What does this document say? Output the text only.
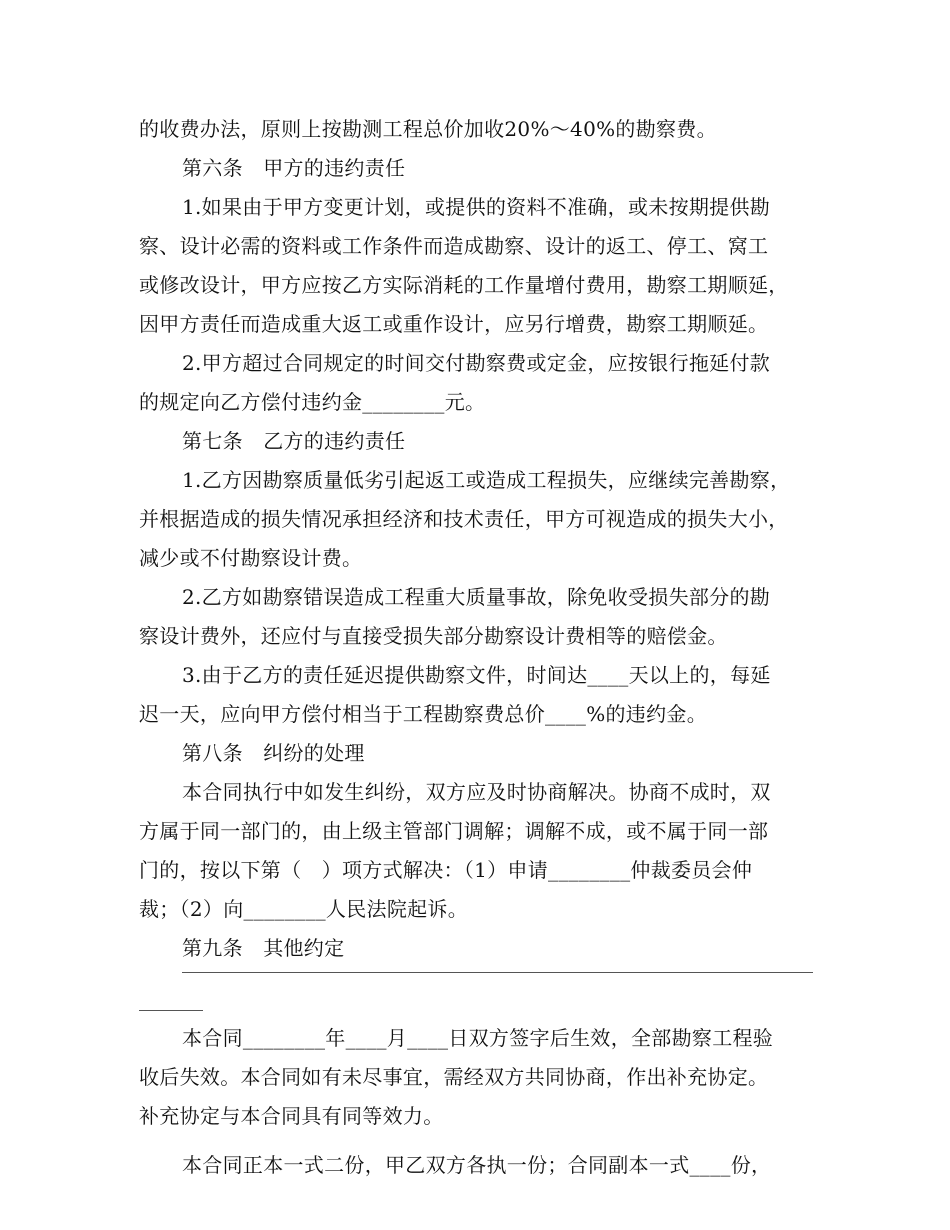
的收费办法，原则上按勘测工程总价加收20%～40%的勘察费。
第六条　甲方的违约责任
1.如果由于甲方变更计划，或提供的资料不准确，或未按期提供勘
察、设计必需的资料或工作条件而造成勘察、设计的返工、停工、窝工
或修改设计，甲方应按乙方实际消耗的工作量增付费用，勘察工期顺延，
因甲方责任而造成重大返工或重作设计，应另行增费，勘察工期顺延。
2.甲方超过合同规定的时间交付勘察费或定金，应按银行拖延付款
的规定向乙方偿付违约金________元。
第七条　乙方的违约责任
1.乙方因勘察质量低劣引起返工或造成工程损失，应继续完善勘察，
并根据造成的损失情况承担经济和技术责任，甲方可视造成的损失大小，
减少或不付勘察设计费。
2.乙方如勘察错误造成工程重大质量事故，除免收受损失部分的勘
察设计费外，还应付与直接受损失部分勘察设计费相等的赔偿金。
3.由于乙方的责任延迟提供勘察文件，时间达____天以上的，每延
迟一天，应向甲方偿付相当于工程勘察费总价____%的违约金。
第八条　纠纷的处理
本合同执行中如发生纠纷，双方应及时协商解决。协商不成时，双
方属于同一部门的，由上级主管部门调解；调解不成，或不属于同一部
门的，按以下第（　）项方式解决：（1）申请________仲裁委员会仲
裁；（2）向________人民法院起诉。
第九条　其他约定
本合同________年____月____日双方签字后生效，全部勘察工程验
收后失效。本合同如有未尽事宜，需经双方共同协商，作出补充协定。
补充协定与本合同具有同等效力。
本合同正本一式二份，甲乙双方各执一份；合同副本一式____份，
